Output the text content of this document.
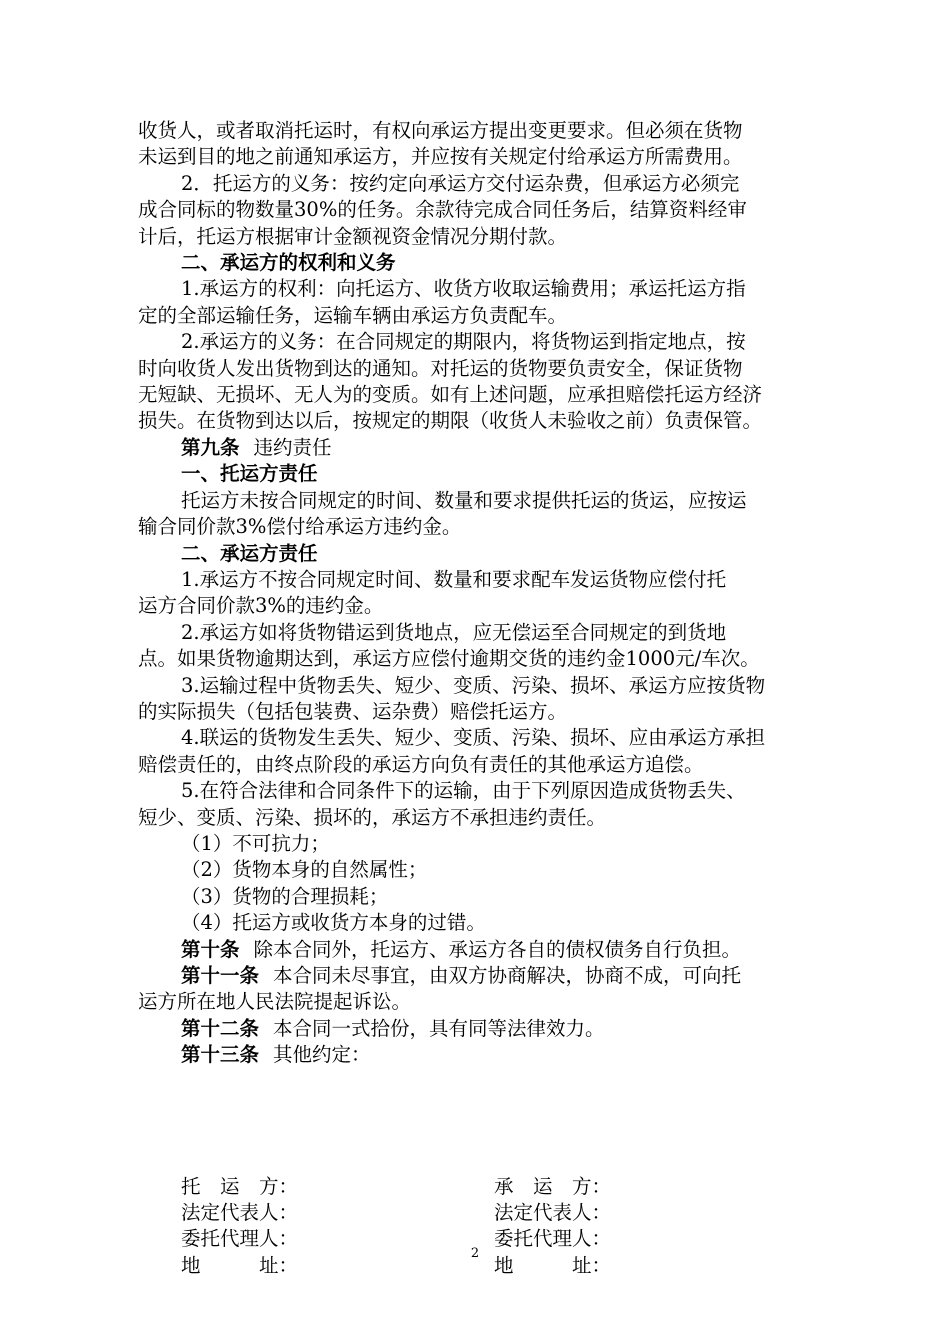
收货人，或者取消托运时，有权向承运方提出变更要求。但必须在货物
未运到目的地之前通知承运方，并应按有关规定付给承运方所需费用。
2．托运方的义务：按约定向承运方交付运杂费，但承运方必须完
成合同标的物数量30%的任务。余款待完成合同任务后，结算资料经审
计后，托运方根据审计金额视资金情况分期付款。
二、承运方的权利和义务
1.承运方的权利：向托运方、收货方收取运输费用；承运托运方指
定的全部运输任务，运输车辆由承运方负责配车。
2.承运方的义务：在合同规定的期限内，将货物运到指定地点，按
时向收货人发出货物到达的通知。对托运的货物要负责安全，保证货物
无短缺、无损坏、无人为的变质。如有上述问题，应承担赔偿托运方经济
损失。在货物到达以后，按规定的期限（收货人未验收之前）负责保管。
第九条 违约责任
一、托运方责任
托运方未按合同规定的时间、数量和要求提供托运的货运，应按运
输合同价款3%偿付给承运方违约金。
二、承运方责任
1.承运方不按合同规定时间、数量和要求配车发运货物应偿付托
运方合同价款3%的违约金。
2.承运方如将货物错运到货地点，应无偿运至合同规定的到货地
点。如果货物逾期达到，承运方应偿付逾期交货的违约金1000元/车次。
3.运输过程中货物丢失、短少、变质、污染、损坏、承运方应按货物
的实际损失（包括包装费、运杂费）赔偿托运方。
4.联运的货物发生丢失、短少、变质、污染、损坏、应由承运方承担
赔偿责任的，由终点阶段的承运方向负有责任的其他承运方追偿。
5.在符合法律和合同条件下的运输，由于下列原因造成货物丢失、
短少、变质、污染、损坏的，承运方不承担违约责任。
（1）不可抗力；
（2）货物本身的自然属性；
（3）货物的合理损耗；
（4）托运方或收货方本身的过错。
第十条 除本合同外，托运方、承运方各自的债权债务自行负担。
第十一条 本合同未尽事宜，由双方协商解决，协商不成，可向托
运方所在地人民法院提起诉讼。
第十二条 本合同一式拾份，具有同等法律效力。
第十三条 其他约定：
托　运　方：	承　运　方：
法定代表人：	法定代表人：
委托代理人：	委托代理人：
地　　　址：	地　　　址：
2
